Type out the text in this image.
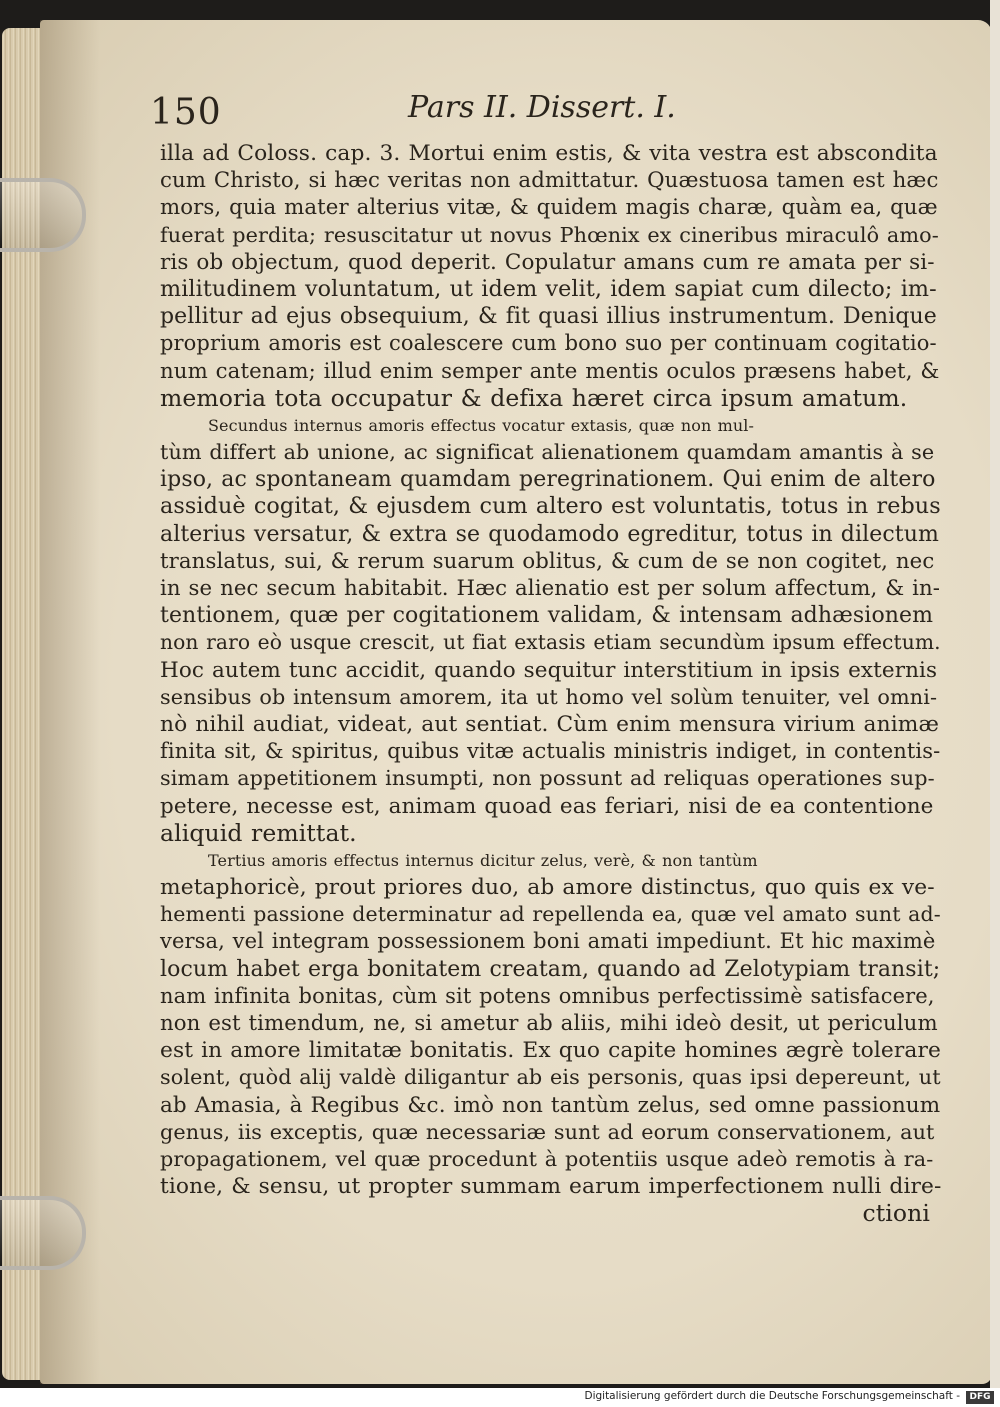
150	Pars II. Dissert. I.
illa ad Coloss. cap. 3. Mortui enim estis, & vita vestra est abscondita
cum Christo, si hæc veritas non admittatur. Quæstuosa tamen est hæc
mors, quia mater alterius vitæ, & quidem magis charæ, quàm ea, quæ
fuerat perdita; resuscitatur ut novus Phœnix ex cineribus miraculô amo-
ris ob objectum, quod deperit. Copulatur amans cum re amata per si-
militudinem voluntatum, ut idem velit, idem sapiat cum dilecto; im-
pellitur ad ejus obsequium, & fit quasi illius instrumentum. Denique
proprium amoris est coalescere cum bono suo per continuam cogitatio-
num catenam; illud enim semper ante mentis oculos præsens habet, &
memoria tota occupatur & defixa hæret circa ipsum amatum.
Secundus internus amoris effectus vocatur extasis, quæ non mul-
tùm differt ab unione, ac significat alienationem quamdam amantis à se
ipso, ac spontaneam quamdam peregrinationem. Qui enim de altero
assiduè cogitat, & ejusdem cum altero est voluntatis, totus in rebus
alterius versatur, & extra se quodamodo egreditur, totus in dilectum
translatus, sui, & rerum suarum oblitus, & cum de se non cogitet, nec
in se nec secum habitabit. Hæc alienatio est per solum affectum, & in-
tentionem, quæ per cogitationem validam, & intensam adhæsionem
non raro eò usque crescit, ut fiat extasis etiam secundùm ipsum effectum.
Hoc autem tunc accidit, quando sequitur interstitium in ipsis externis
sensibus ob intensum amorem, ita ut homo vel solùm tenuiter, vel omni-
nò nihil audiat, videat, aut sentiat. Cùm enim mensura virium animæ
finita sit, & spiritus, quibus vitæ actualis ministris indiget, in contentis-
simam appetitionem insumpti, non possunt ad reliquas operationes sup-
petere, necesse est, animam quoad eas feriari, nisi de ea contentione
aliquid remittat.
Tertius amoris effectus internus dicitur zelus, verè, & non tantùm
metaphoricè, prout priores duo, ab amore distinctus, quo quis ex ve-
hementi passione determinatur ad repellenda ea, quæ vel amato sunt ad-
versa, vel integram possessionem boni amati impediunt. Et hic maximè
locum habet erga bonitatem creatam, quando ad Zelotypiam transit;
nam infinita bonitas, cùm sit potens omnibus perfectissimè satisfacere,
non est timendum, ne, si ametur ab aliis, mihi ideò desit, ut periculum
est in amore limitatæ bonitatis. Ex quo capite homines ægrè tolerare
solent, quòd alij valdè diligantur ab eis personis, quas ipsi depereunt, ut
ab Amasia, à Regibus &c. imò non tantùm zelus, sed omne passionum
genus, iis exceptis, quæ necessariæ sunt ad eorum conservationem, aut
propagationem, vel quæ procedunt à potentiis usque adeò remotis à ra-
tione, & sensu, ut propter summam earum imperfectionem nulli dire-
ctioni
Digitalisierung gefördert durch die Deutsche Forschungsgemeinschaft -	DFG
